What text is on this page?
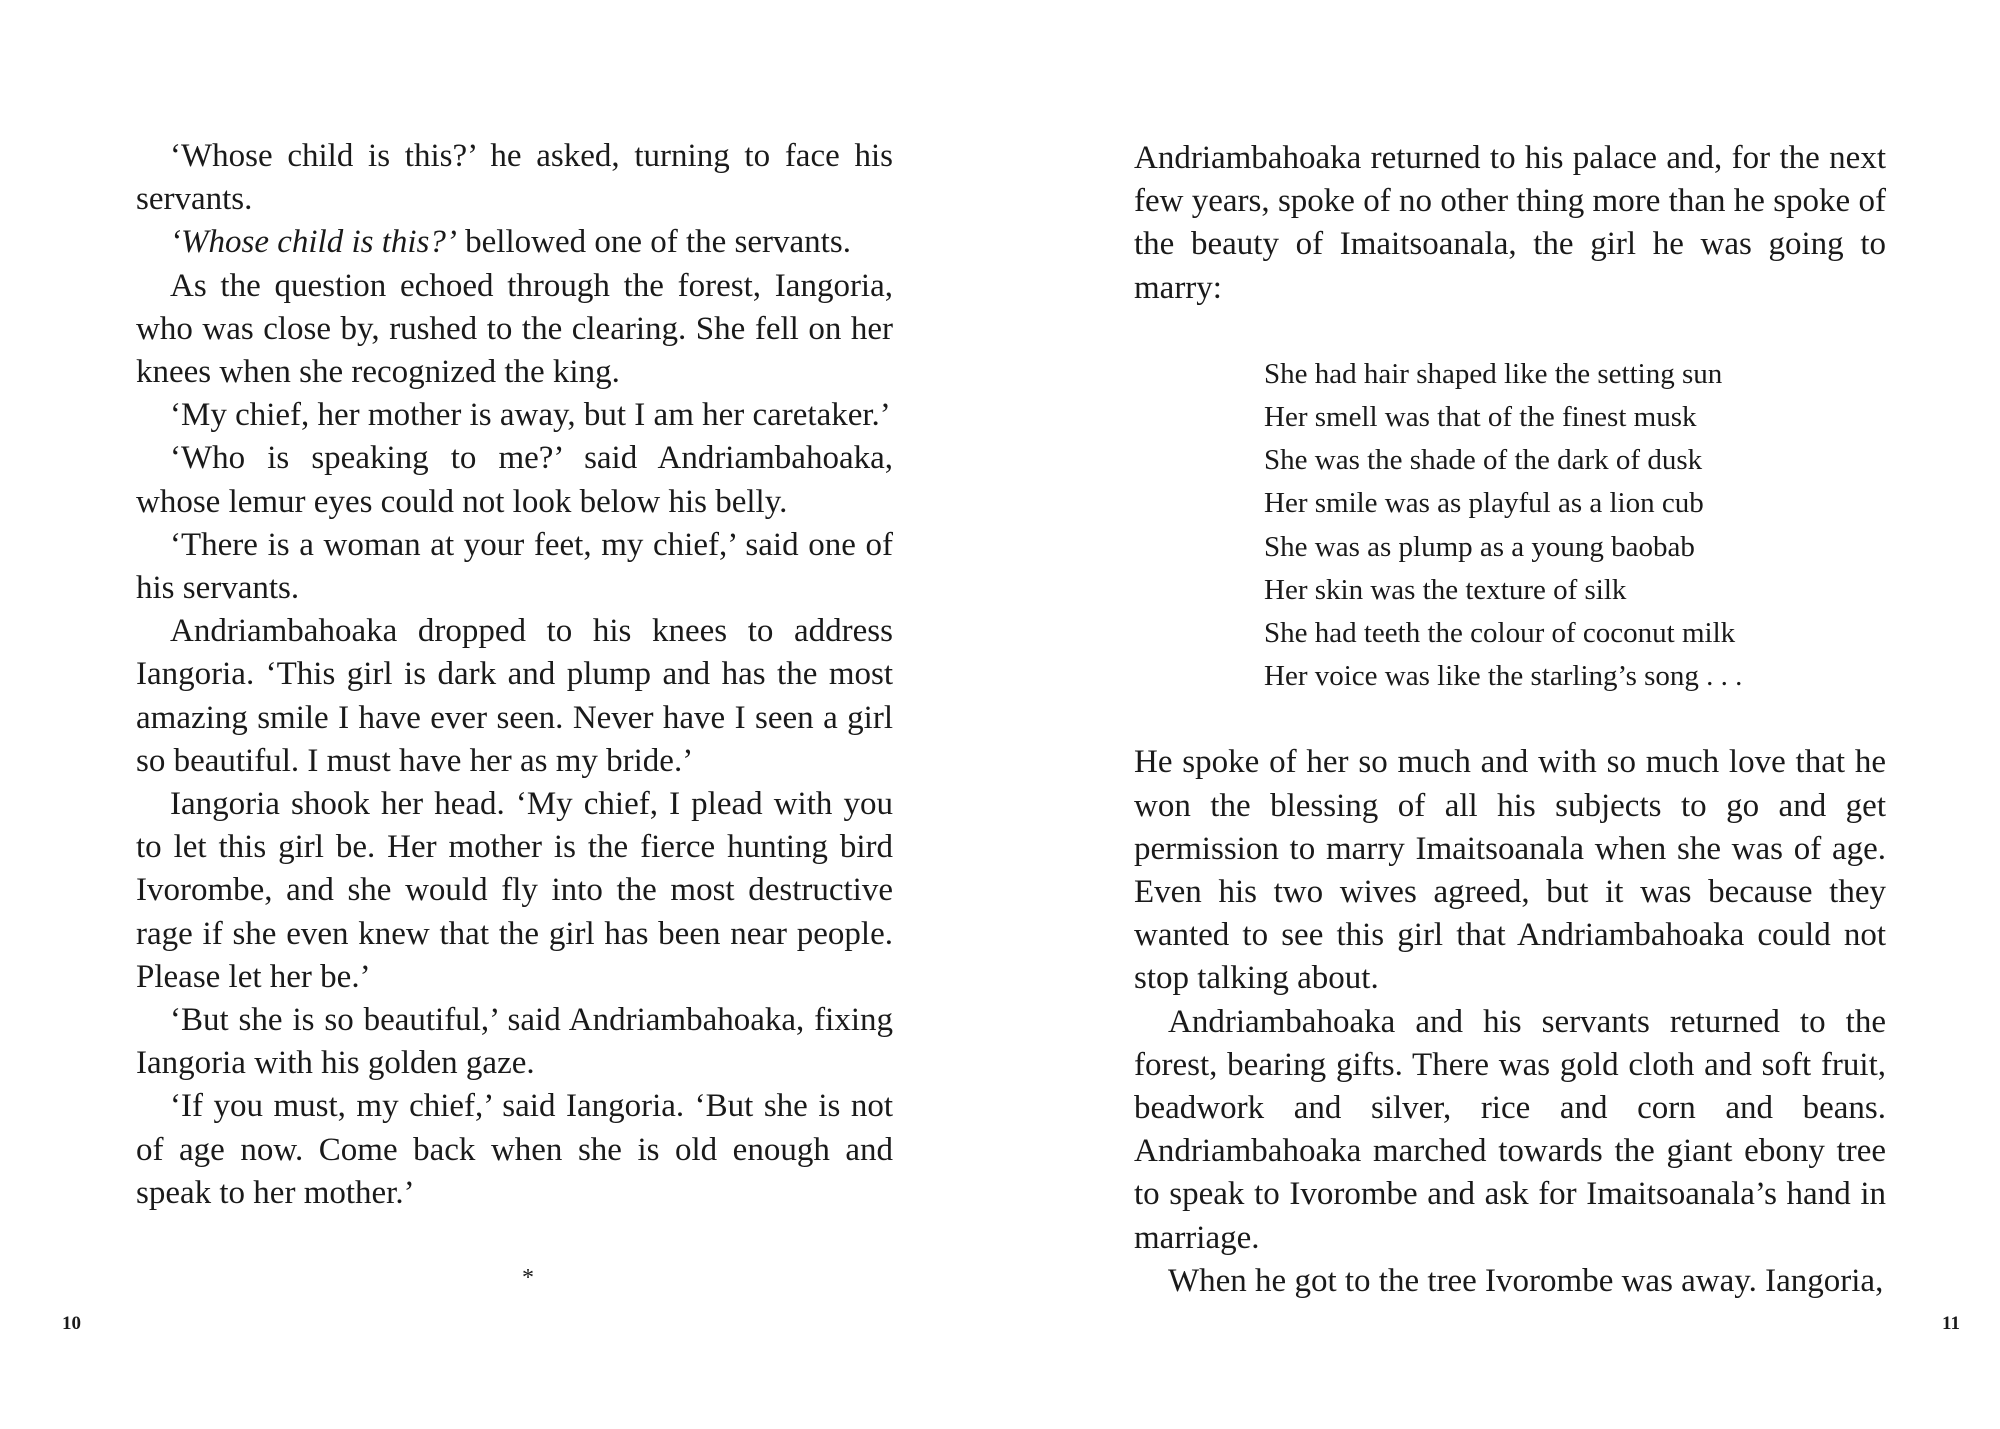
‘Whose child is this?’ he asked, turning to face his servants.

‘Whose child is this?’ bellowed one of the servants.

As the question echoed through the forest, Iangoria, who was close by, rushed to the clearing. She fell on her knees when she recognized the king.

‘My chief, her mother is away, but I am her caretaker.’

‘Who is speaking to me?’ said Andriambahoaka, whose lemur eyes could not look below his belly.

‘There is a woman at your feet, my chief,’ said one of his servants.

Andriambahoaka dropped to his knees to address Iangoria. ‘This girl is dark and plump and has the most amazing smile I have ever seen. Never have I seen a girl so beautiful. I must have her as my bride.’

Iangoria shook her head. ‘My chief, I plead with you to let this girl be. Her mother is the fierce hunting bird Ivorombe, and she would fly into the most destructive rage if she even knew that the girl has been near people. Please let her be.’

‘But she is so beautiful,’ said Andriambahoaka, fixing Iangoria with his golden gaze.

‘If you must, my chief,’ said Iangoria. ‘But she is not of age now. Come back when she is old enough and speak to her mother.’

*
10

Andriambahoaka returned to his palace and, for the next few years, spoke of no other thing more than he spoke of the beauty of Imaitsoanala, the girl he was going to marry:

She had hair shaped like the setting sun
Her smell was that of the finest musk
She was the shade of the dark of dusk
Her smile was as playful as a lion cub
She was as plump as a young baobab
Her skin was the texture of silk
She had teeth the colour of coconut milk
Her voice was like the starling’s song . . .

He spoke of her so much and with so much love that he won the blessing of all his subjects to go and get permission to marry Imaitsoanala when she was of age. Even his two wives agreed, but it was because they wanted to see this girl that Andriambahoaka could not stop talking about.

Andriambahoaka and his servants returned to the forest, bearing gifts. There was gold cloth and soft fruit, beadwork and silver, rice and corn and beans. Andriambahoaka marched towards the giant ebony tree to speak to Ivorombe and ask for Imaitsoanala’s hand in marriage.

When he got to the tree Ivorombe was away. Iangoria,

11
